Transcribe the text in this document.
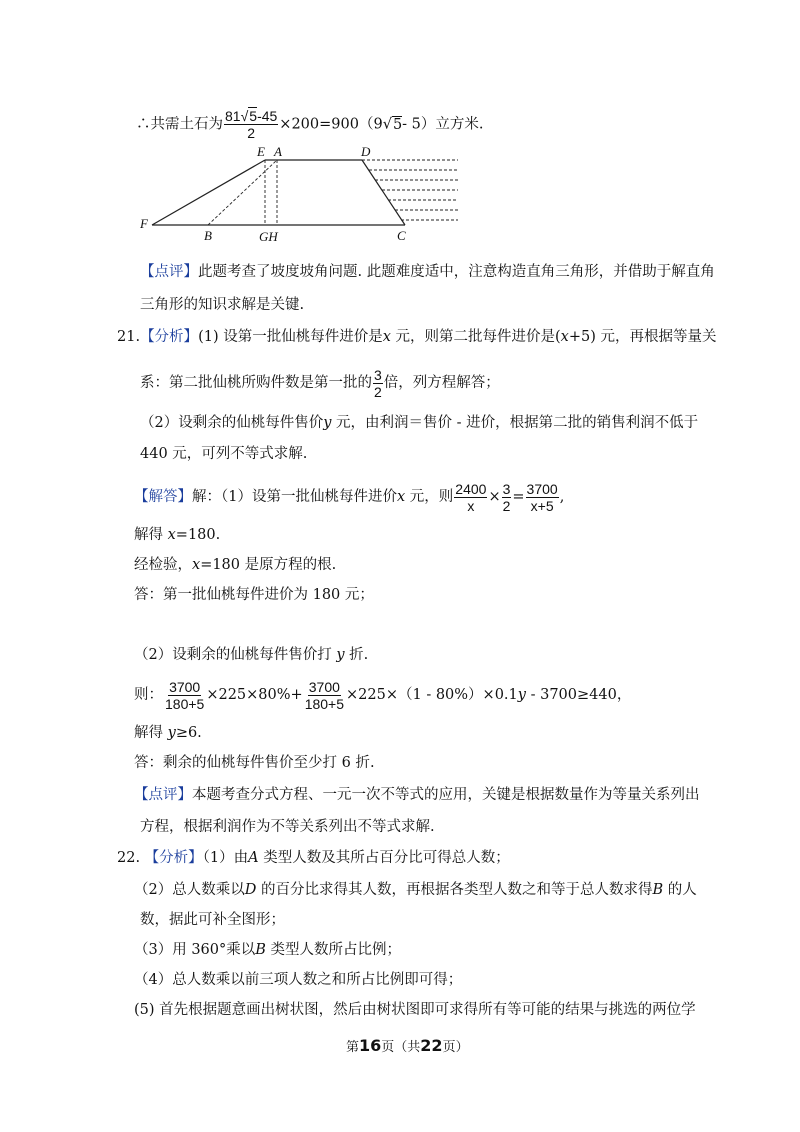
∴共需土石为 $\frac{81√5-45}{2} \times 200=900(9√5-$ 5）立方米.
E A	D
F
B	GH	C
【点评】此题考查了坡度坡角问题. 此题难度适中，注意构造直角三角形，并借助于解直角
三角形的知识求解是关键.
21.【分析】(1) 设第一批仙桃每件进价是x 元，则第二批每件进价是(x+5) 元，再根据等量关
系：第二批仙桃所购件数是第一批的 $\frac{3}{2}$ 倍，列方程解答；
（2）设剩余的仙桃每件售价y 元，由利润＝售价 - 进价，根据第二批的销售利润不低于
440 元，可列不等式求解.
【解答】解：（1）设第一批仙桃每件进价x 元，则 $\frac{2400}{x} \times \frac{3}{2} = \frac{3700}{x+5}$ ,
解得 x=180.
经检验，x=180 是原方程的根.
答：第一批仙桃每件进价为 180 元；
（2）设剩余的仙桃每件售价打 y 折.
则： $\frac{3700}{180+5} \times 225\times 80\%+ \frac{3700}{180+5} \times 225\times(1 - 80\%)\times 0.1y - 3700\ge 440$，
解得 y≥6.
答：剩余的仙桃每件售价至少打 6 折.
【点评】本题考查分式方程、一元一次不等式的应用，关键是根据数量作为等量关系列出
方程，根据利润作为不等关系列出不等式求解.
22. 【分析】（1）由A 类型人数及其所占百分比可得总人数；
（2）总人数乘以D 的百分比求得其人数，再根据各类型人数之和等于总人数求得B 的人
数，据此可补全图形；
（3）用 360°乘以B 类型人数所占比例；
（4）总人数乘以前三项人数之和所占比例即可得；
(5) 首先根据题意画出树状图，然后由树状图即可求得所有等可能的结果与挑选的两位学
第16页（共22页）
